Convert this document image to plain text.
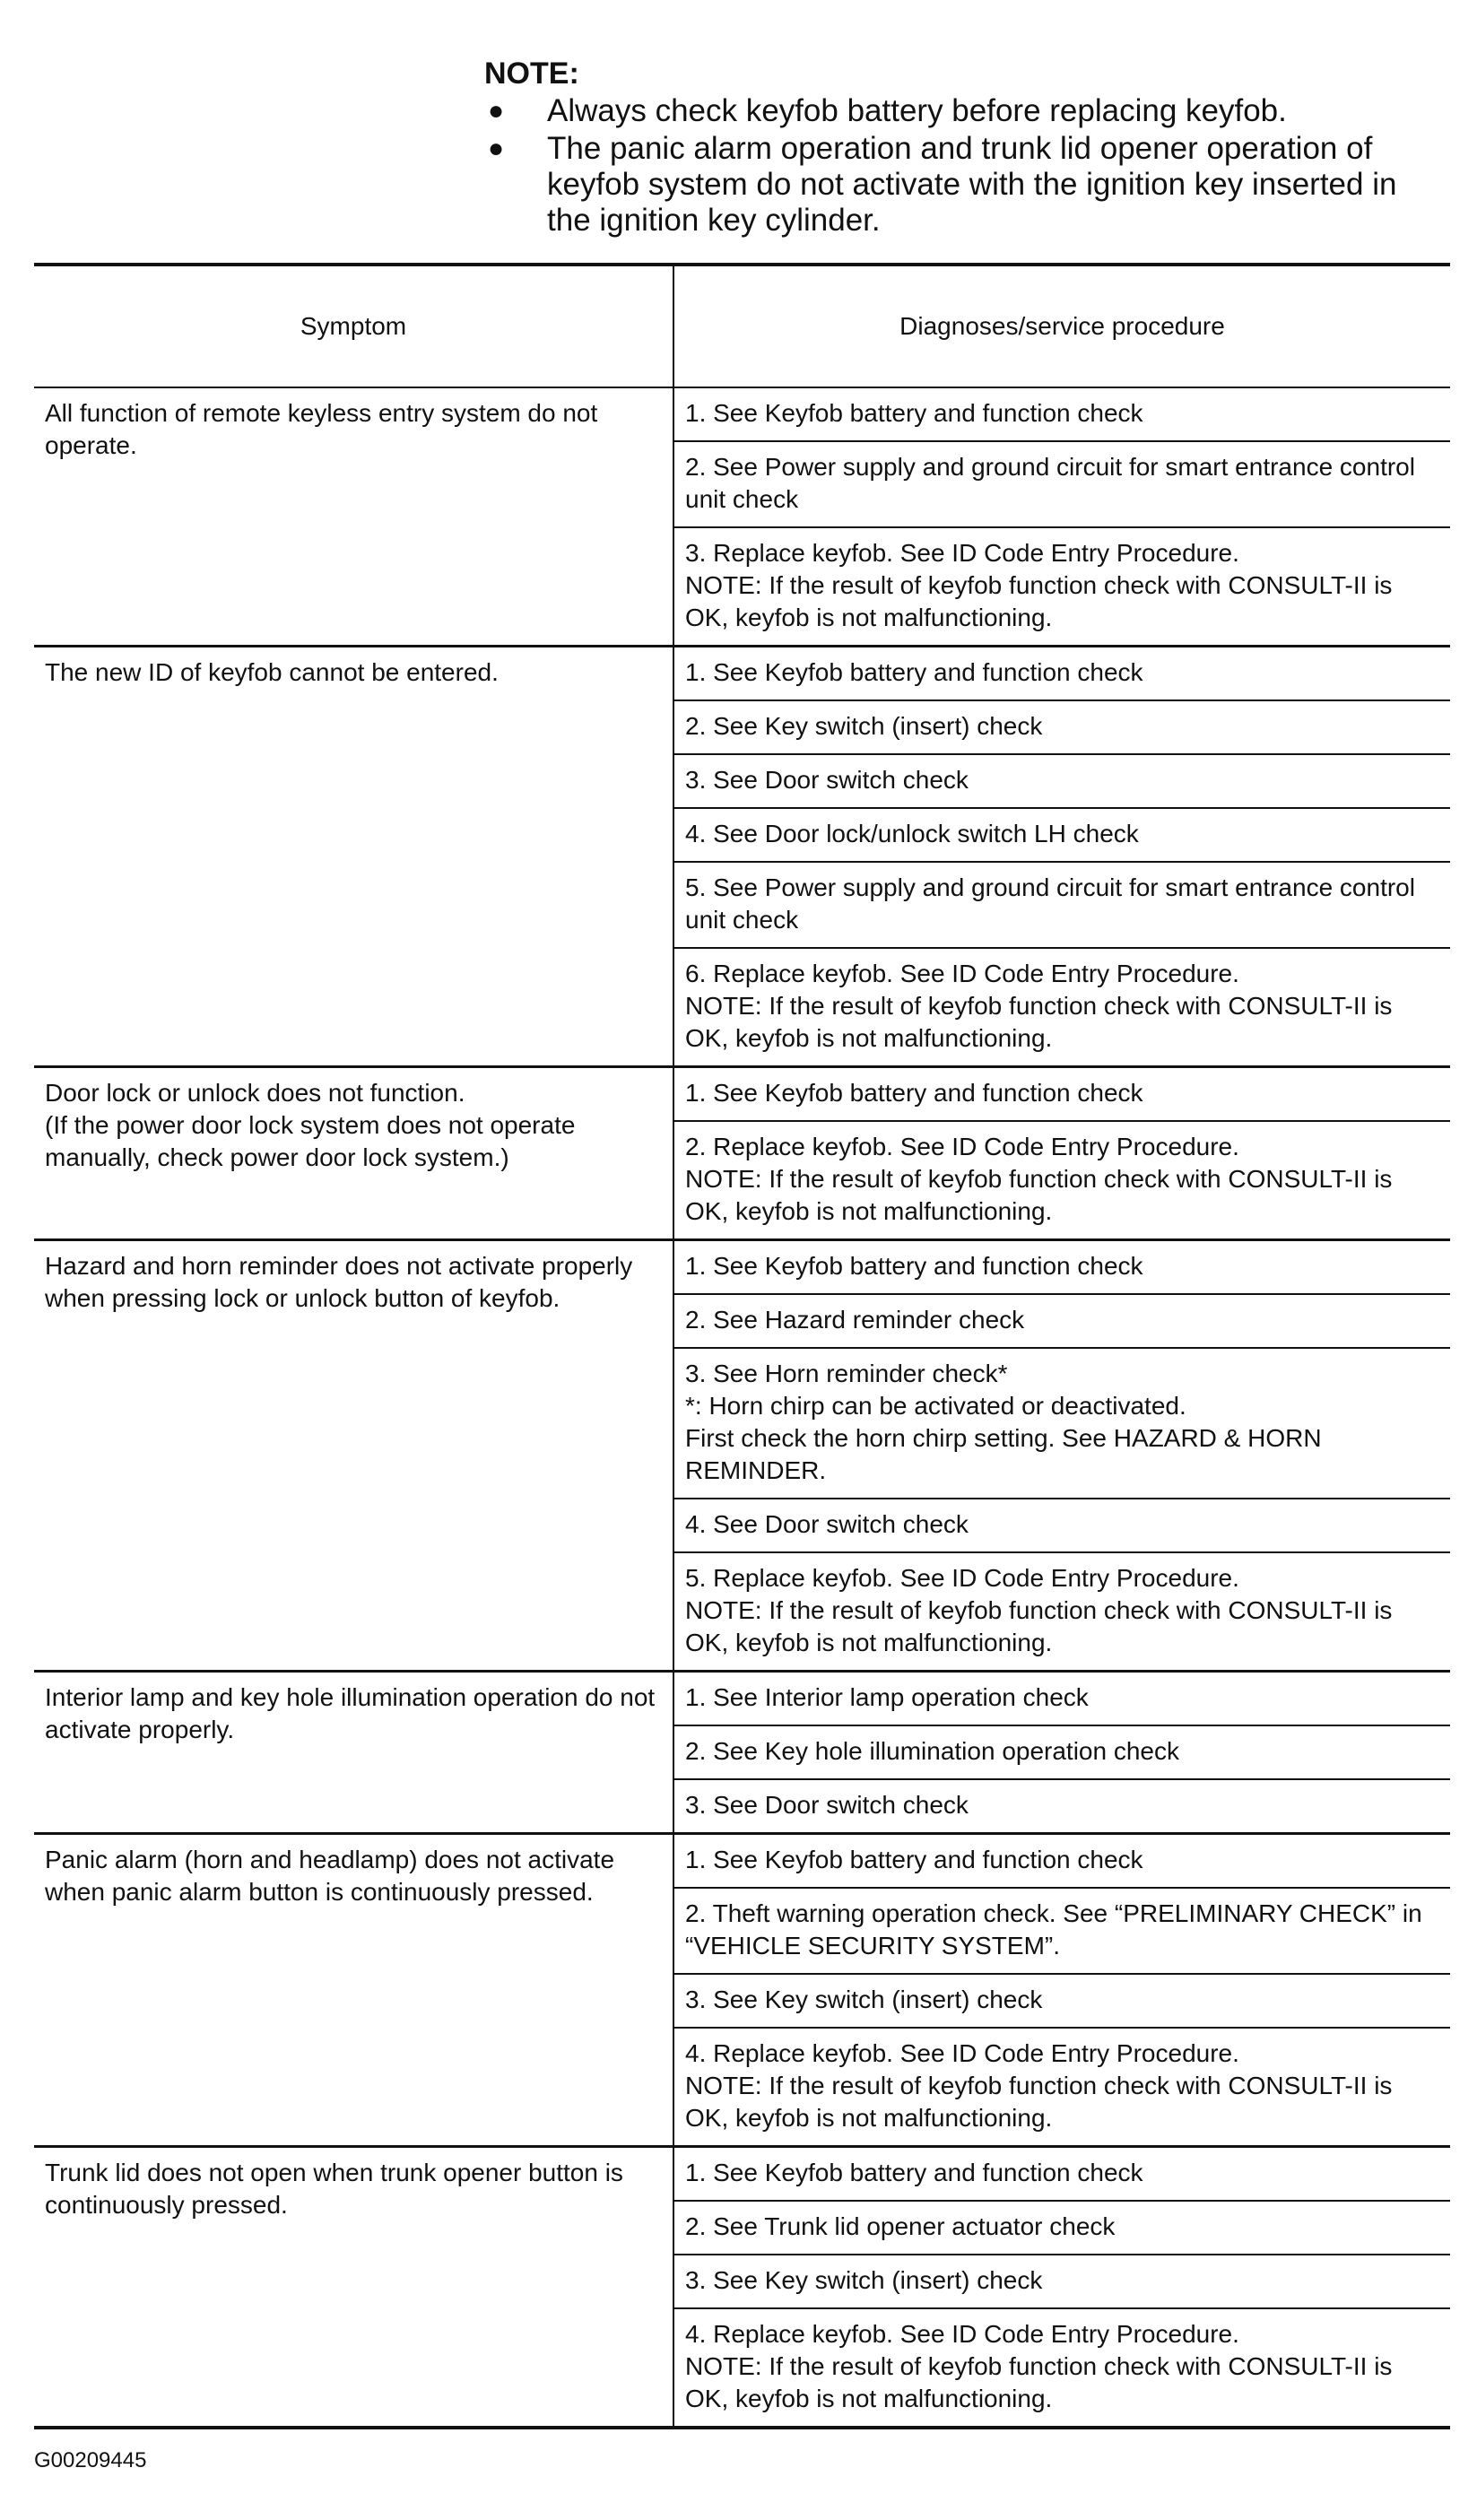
NOTE:
● Always check keyfob battery before replacing keyfob.
● The panic alarm operation and trunk lid opener operation of keyfob system do not activate with the ignition key inserted in the ignition key cylinder.
Symptom	Diagnoses/service procedure
All function of remote keyless entry system do not operate.	1. See Keyfob battery and function check
	2. See Power supply and ground circuit for smart entrance control unit check
	3. Replace keyfob. See ID Code Entry Procedure.
NOTE: If the result of keyfob function check with CONSULT-II is OK, keyfob is not malfunctioning.
The new ID of keyfob cannot be entered.	1. See Keyfob battery and function check
	2. See Key switch (insert) check
	3. See Door switch check
	4. See Door lock/unlock switch LH check
	5. See Power supply and ground circuit for smart entrance control unit check
	6. Replace keyfob. See ID Code Entry Procedure.
NOTE: If the result of keyfob function check with CONSULT-II is OK, keyfob is not malfunctioning.
Door lock or unlock does not function.
(If the power door lock system does not operate manually, check power door lock system.)	1. See Keyfob battery and function check
	2. Replace keyfob. See ID Code Entry Procedure.
NOTE: If the result of keyfob function check with CONSULT-II is OK, keyfob is not malfunctioning.
Hazard and horn reminder does not activate properly when pressing lock or unlock button of keyfob.	1. See Keyfob battery and function check
	2. See Hazard reminder check
	3. See Horn reminder check*
*: Horn chirp can be activated or deactivated.
First check the horn chirp setting. See HAZARD & HORN REMINDER.
	4. See Door switch check
	5. Replace keyfob. See ID Code Entry Procedure.
NOTE: If the result of keyfob function check with CONSULT-II is OK, keyfob is not malfunctioning.
Interior lamp and key hole illumination operation do not activate properly.	1. See Interior lamp operation check
	2. See Key hole illumination operation check
	3. See Door switch check
Panic alarm (horn and headlamp) does not activate when panic alarm button is continuously pressed.	1. See Keyfob battery and function check
	2. Theft warning operation check. See “PRELIMINARY CHECK” in “VEHICLE SECURITY SYSTEM”.
	3. See Key switch (insert) check
	4. Replace keyfob. See ID Code Entry Procedure.
NOTE: If the result of keyfob function check with CONSULT-II is OK, keyfob is not malfunctioning.
Trunk lid does not open when trunk opener button is continuously pressed.	1. See Keyfob battery and function check
	2. See Trunk lid opener actuator check
	3. See Key switch (insert) check
	4. Replace keyfob. See ID Code Entry Procedure.
NOTE: If the result of keyfob function check with CONSULT-II is OK, keyfob is not malfunctioning.
G00209445
